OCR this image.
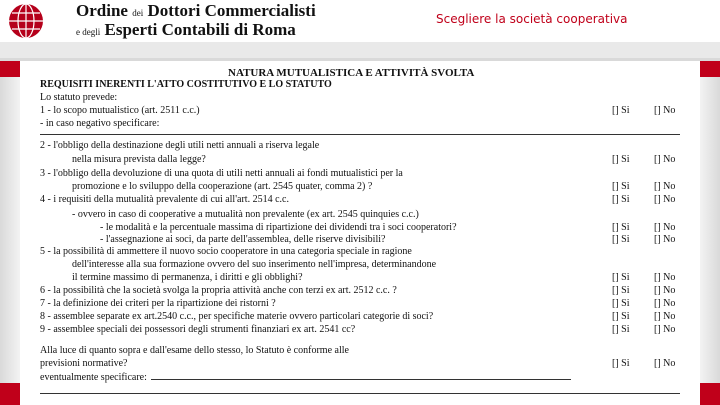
Ordine dei Dottori Commercialisti
e degli Esperti Contabili di Roma
Scegliere la società cooperativa
NATURA MUTUALISTICA E ATTIVITÀ SVOLTA
REQUISITI INERENTI L'ATTO COSTITUTIVO E LO STATUTO
Lo statuto prevede:
1 - lo scopo mutualistico (art. 2511 c.c.)	[] Si [] No
- in caso negativo specificare:
2 - l'obbligo della destinazione degli utili netti annuali a riserva legale
nella misura prevista dalla legge?	[] Si [] No
3 - l'obbligo della devoluzione di una quota di utili netti annuali ai fondi mutualistici per la
promozione e lo sviluppo della cooperazione (art. 2545 quater, comma 2) ?	[] Si [] No
4 - i requisiti della mutualità prevalente di cui all'art. 2514 c.c.	[] Si [] No
- ovvero in caso di cooperative a mutualità non prevalente (ex art. 2545 quinquies c.c.)
- le modalità e la percentuale massima di ripartizione dei dividendi tra i soci cooperatori?	[] Si [] No
- l'assegnazione ai soci, da parte dell'assemblea, delle riserve divisibili?	[] Si [] No
5 - la possibilità di ammettere il nuovo socio cooperatore in una categoria speciale in ragione
dell'interesse alla sua formazione ovvero del suo inserimento nell'impresa, determinandone
il termine massimo di permanenza, i diritti e gli obblighi?	[] Si [] No
6 - la possibilità che la società svolga la propria attività anche con terzi ex art. 2512 c.c. ?	[] Si [] No
7 - la definizione dei criteri per la ripartizione dei ristorni ?	[] Si [] No
8 - assemblee separate ex art.2540 c.c., per specifiche materie ovvero particolari categorie di soci?	[] Si [] No
9 - assemblee speciali dei possessori degli strumenti finanziari ex art. 2541 cc?	[] Si [] No
Alla luce di quanto sopra e dall'esame dello stesso, lo Statuto è conforme alle
previsioni normative?	[] Si [] No
eventualmente specificare:
